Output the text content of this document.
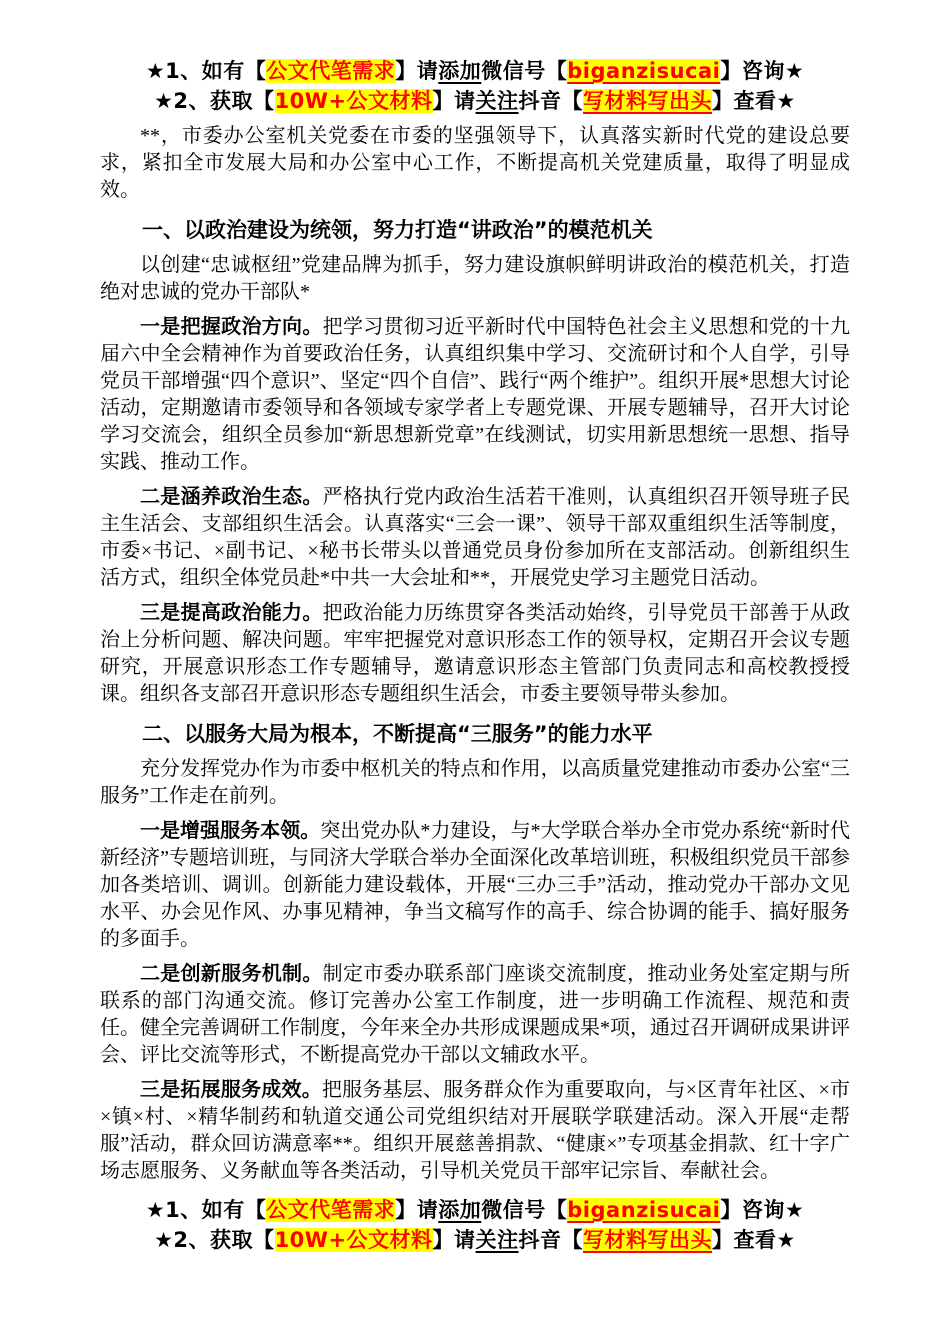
★1、如有【公文代笔需求】请添加微信号【biganzisucai】咨询★

★2、获取【10W+公文材料】请关注抖音【写材料写出头】查看★

**，市委办公室机关党委在市委的坚强领导下，认真落实新时代党的建设总要求，紧扣全市发展大局和办公室中心工作，不断提高机关党建质量，取得了明显成效。

一、以政治建设为统领，努力打造“讲政治”的模范机关

以创建“忠诚枢纽”党建品牌为抓手，努力建设旗帜鲜明讲政治的模范机关，打造绝对忠诚的党办干部队*

一是把握政治方向。把学习贯彻习近平新时代中国特色社会主义思想和党的十九届六中全会精神作为首要政治任务，认真组织集中学习、交流研讨和个人自学，引导党员干部增强“四个意识”、坚定“四个自信”、践行“两个维护”。组织开展*思想大讨论活动，定期邀请市委领导和各领域专家学者上专题党课、开展专题辅导，召开大讨论学习交流会，组织全员参加“新思想新党章”在线测试，切实用新思想统一思想、指导实践、推动工作。

二是涵养政治生态。严格执行党内政治生活若干准则，认真组织召开领导班子民主生活会、支部组织生活会。认真落实“三会一课”、领导干部双重组织生活等制度，市委×书记、×副书记、×秘书长带头以普通党员身份参加所在支部活动。创新组织生活方式，组织全体党员赴*中共一大会址和**，开展党史学习主题党日活动。

三是提高政治能力。把政治能力历练贯穿各类活动始终，引导党员干部善于从政治上分析问题、解决问题。牢牢把握党对意识形态工作的领导权，定期召开会议专题研究，开展意识形态工作专题辅导，邀请意识形态主管部门负责同志和高校教授授课。组织各支部召开意识形态专题组织生活会，市委主要领导带头参加。

二、以服务大局为根本，不断提高“三服务”的能力水平

充分发挥党办作为市委中枢机关的特点和作用，以高质量党建推动市委办公室“三服务”工作走在前列。

一是增强服务本领。突出党办队*力建设，与*大学联合举办全市党办系统“新时代新经济”专题培训班，与同济大学联合举办全面深化改革培训班，积极组织党员干部参加各类培训、调训。创新能力建设载体，开展“三办三手”活动，推动党办干部办文见水平、办会见作风、办事见精神，争当文稿写作的高手、综合协调的能手、搞好服务的多面手。

二是创新服务机制。制定市委办联系部门座谈交流制度，推动业务处室定期与所联系的部门沟通交流。修订完善办公室工作制度，进一步明确工作流程、规范和责任。健全完善调研工作制度，今年来全办共形成课题成果*项，通过召开调研成果讲评会、评比交流等形式，不断提高党办干部以文辅政水平。

三是拓展服务成效。把服务基层、服务群众作为重要取向，与×区青年社区、×市×镇×村、×精华制药和轨道交通公司党组织结对开展联学联建活动。深入开展“走帮服”活动，群众回访满意率**。组织开展慈善捐款、“健康×”专项基金捐款、红十字广场志愿服务、义务献血等各类活动，引导机关党员干部牢记宗旨、奉献社会。

★1、如有【公文代笔需求】请添加微信号【biganzisucai】咨询★

★2、获取【10W+公文材料】请关注抖音【写材料写出头】查看★
